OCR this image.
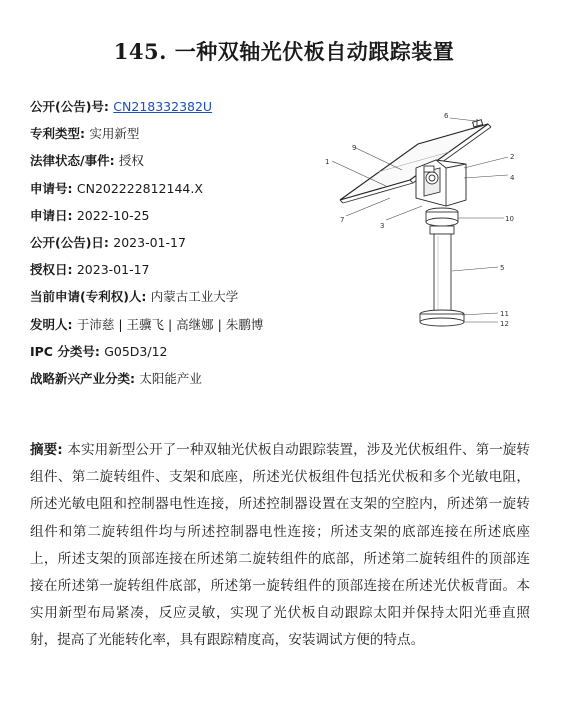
145. 一种双轴光伏板自动跟踪装置
公开(公告)号: CN218332382U
专利类型: 实用新型
法律状态/事件: 授权
申请号: CN202222812144.X
申请日: 2022-10-25
公开(公告)日: 2023-01-17
授权日: 2023-01-17
当前申请(专利权)人: 内蒙古工业大学
发明人: 于沛慈 | 王骥飞 | 高继娜 | 朱鹏博
IPC 分类号: G05D3/12
战略新兴产业分类: 太阳能产业
1
2
3
4
5
6
7
9
10
11
12
摘要: 本实用新型公开了一种双轴光伏板自动跟踪装置，涉及光伏板组件、第一旋转组件、第二旋转组件、支架和底座，所述光伏板组件包括光伏板和多个光敏电阻，所述光敏电阻和控制器电性连接，所述控制器设置在支架的空腔内，所述第一旋转组件和第二旋转组件均与所述控制器电性连接；所述支架的底部连接在所述底座上，所述支架的顶部连接在所述第二旋转组件的底部，所述第二旋转组件的顶部连接在所述第一旋转组件底部，所述第一旋转组件的顶部连接在所述光伏板背面。本实用新型布局紧凑，反应灵敏，实现了光伏板自动跟踪太阳并保持太阳光垂直照射，提高了光能转化率，具有跟踪精度高，安装调试方便的特点。
